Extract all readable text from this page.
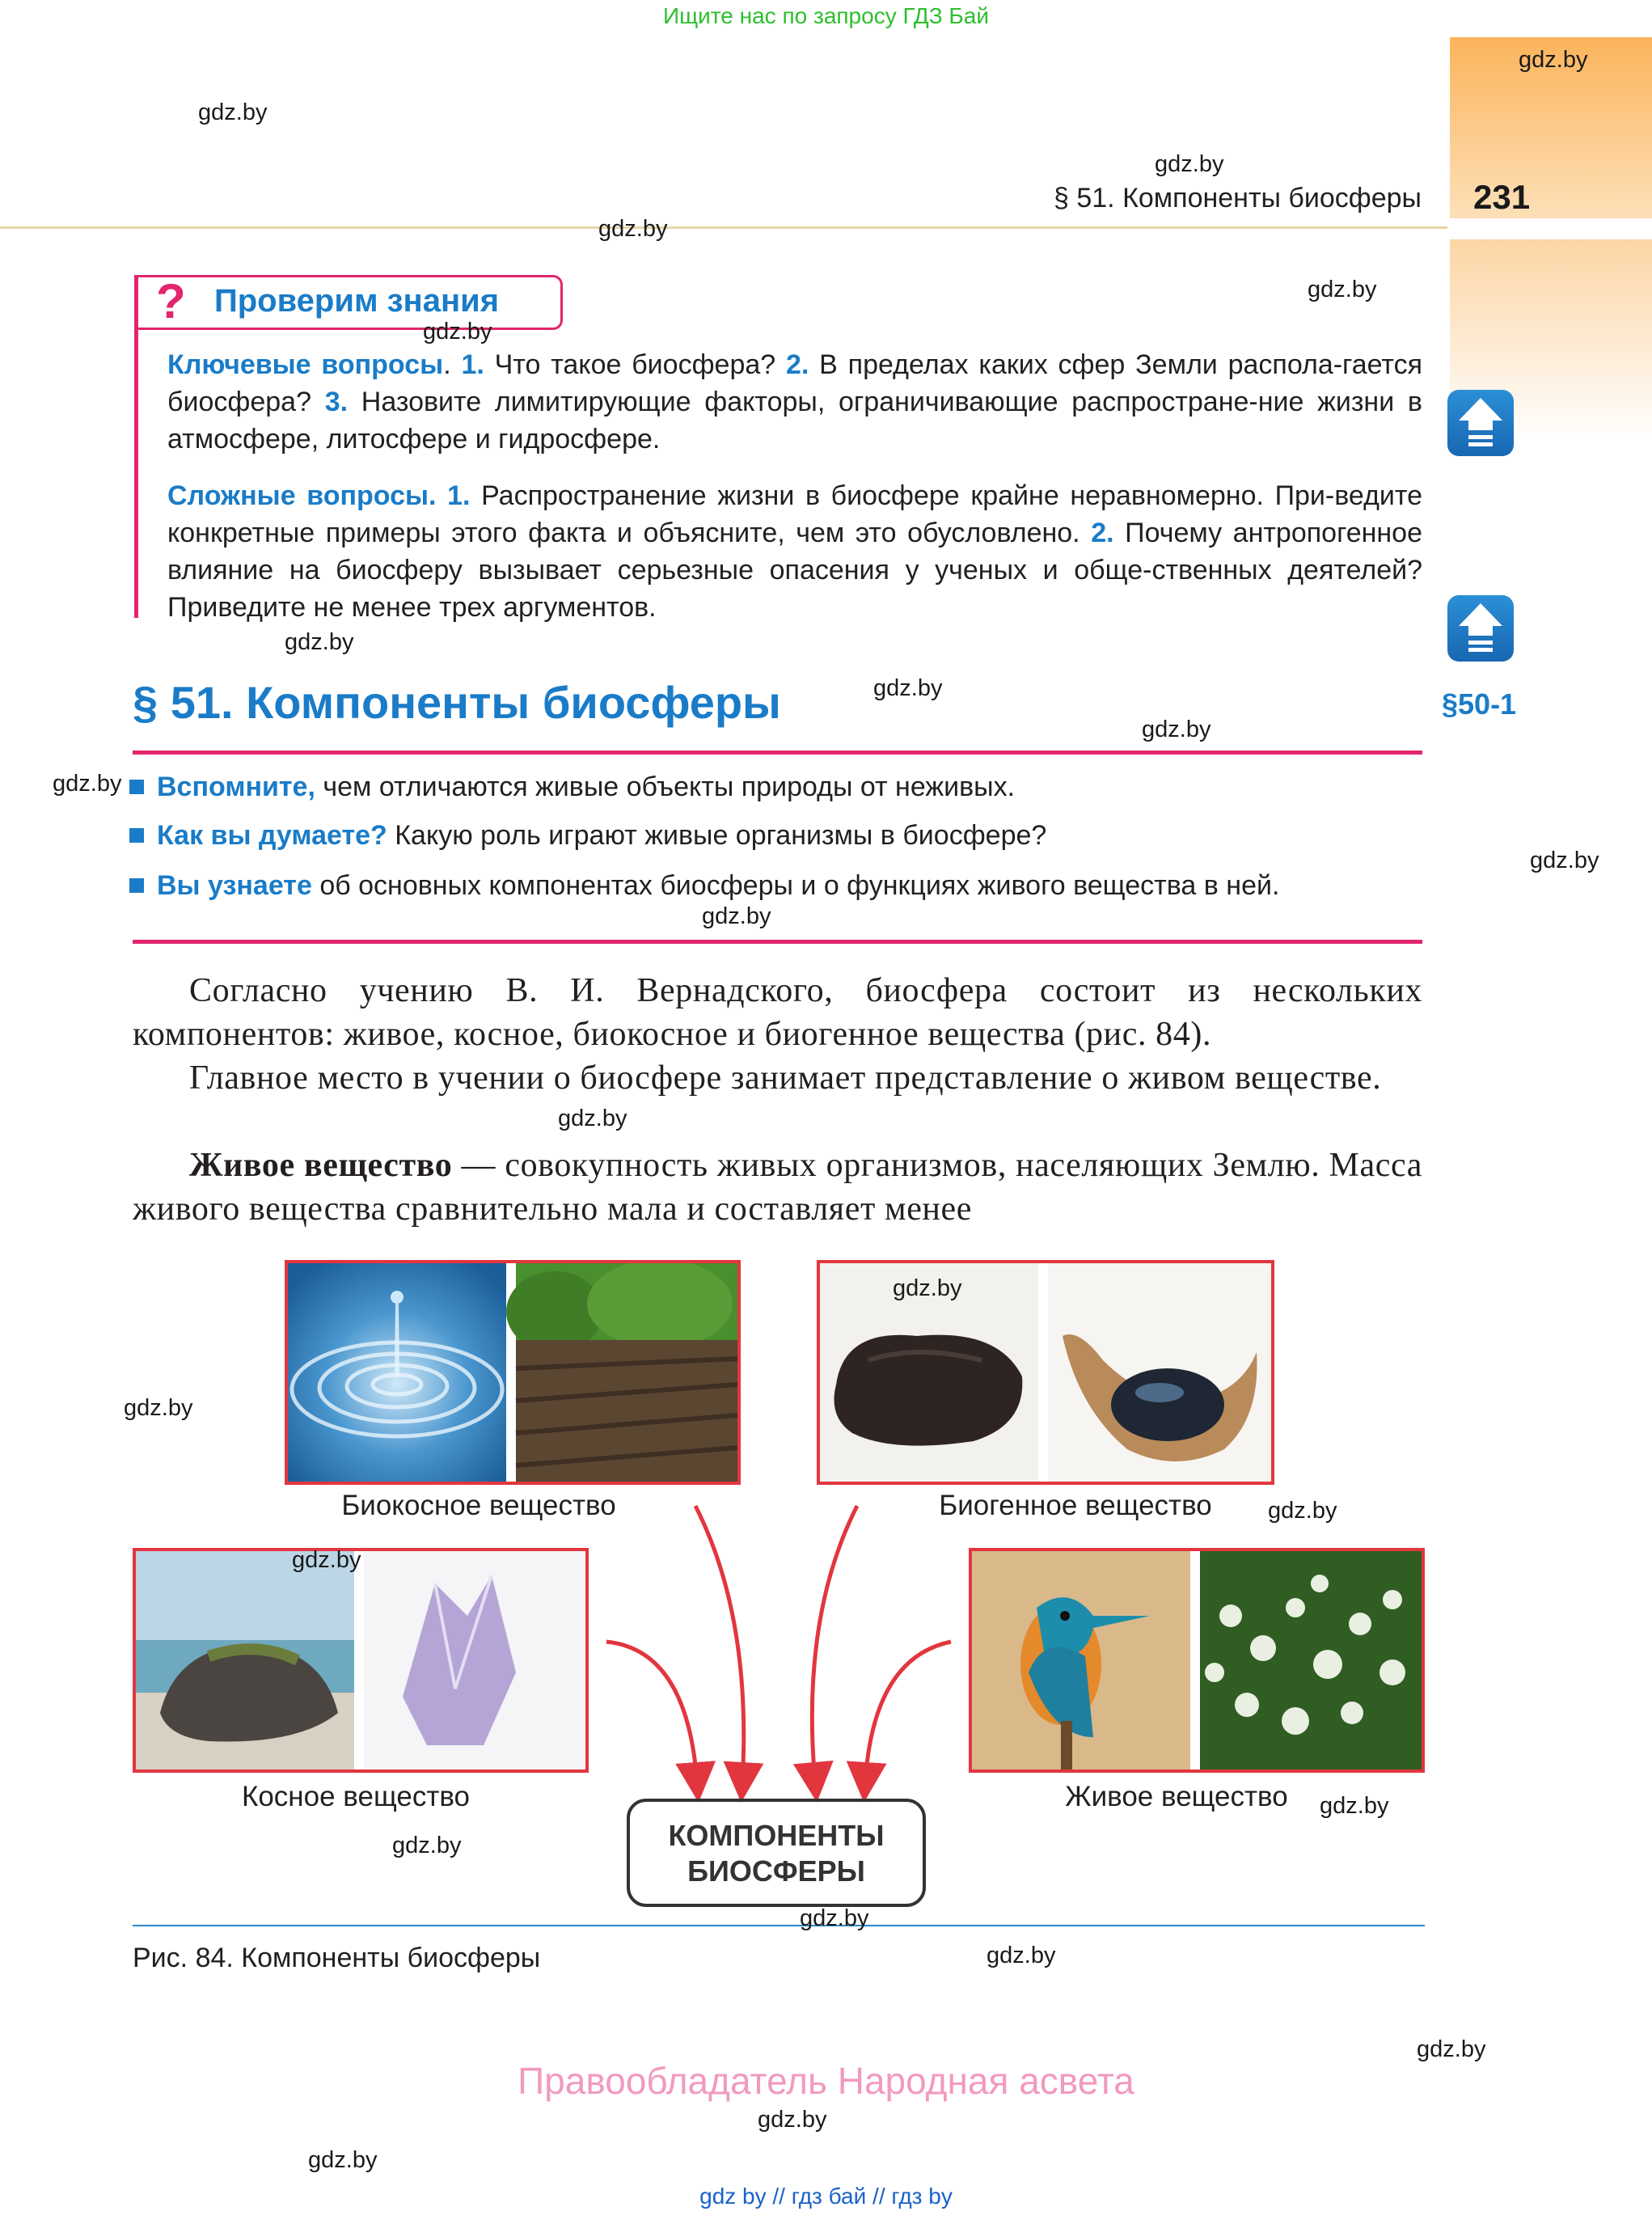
Ищите нас по запросу ГДЗ Бай
231
§ 51. Компоненты биосферы
§50-1
? Проверим знания
Ключевые вопросы. 1. Что такое биосфера? 2. В пределах каких сфер Земли распола-гается биосфера? 3. Назовите лимитирующие факторы, ограничивающие распростране-ние жизни в атмосфере, литосфере и гидросфере.
Сложные вопросы. 1. Распространение жизни в биосфере крайне неравномерно. При-ведите конкретные примеры этого факта и объясните, чем это обусловлено. 2. Почему антропогенное влияние на биосферу вызывает серьезные опасения у ученых и обще-ственных деятелей? Приведите не менее трех аргументов.
§ 51. Компоненты биосферы
Вспомните, чем отличаются живые объекты природы от неживых.
Как вы думаете? Какую роль играют живые организмы в биосфере?
Вы узнаете об основных компонентах биосферы и о функциях живого вещества в ней.
Согласно учению В. И. Вернадского, биосфера состоит из нескольких компонентов: живое, косное, биокосное и биогенное вещества (рис. 84).
Главное место в учении о биосфере занимает представление о живом веществе.
Живое вещество — совокупность живых организмов, населяющих Землю. Масса живого вещества сравнительно мала и составляет менее
Биокосное вещество	Биогенное вещество
Косное вещество	Живое вещество
КОМПОНЕНТЫ
БИОСФЕРЫ
Рис. 84. Компоненты биосферы
gdz.by
gdz.by
gdz.by
gdz.by
gdz.by
gdz.by
gdz.by
gdz.by
gdz.by
gdz.by
gdz.by
gdz.by
gdz.by
gdz.by
gdz.by
gdz.by
gdz.by
gdz.by
gdz.by
gdz.by
gdz.by
gdz.by
gdz.by
gdz.by
Правообладатель Народная асвета
gdz by // гдз бай // гдз by
